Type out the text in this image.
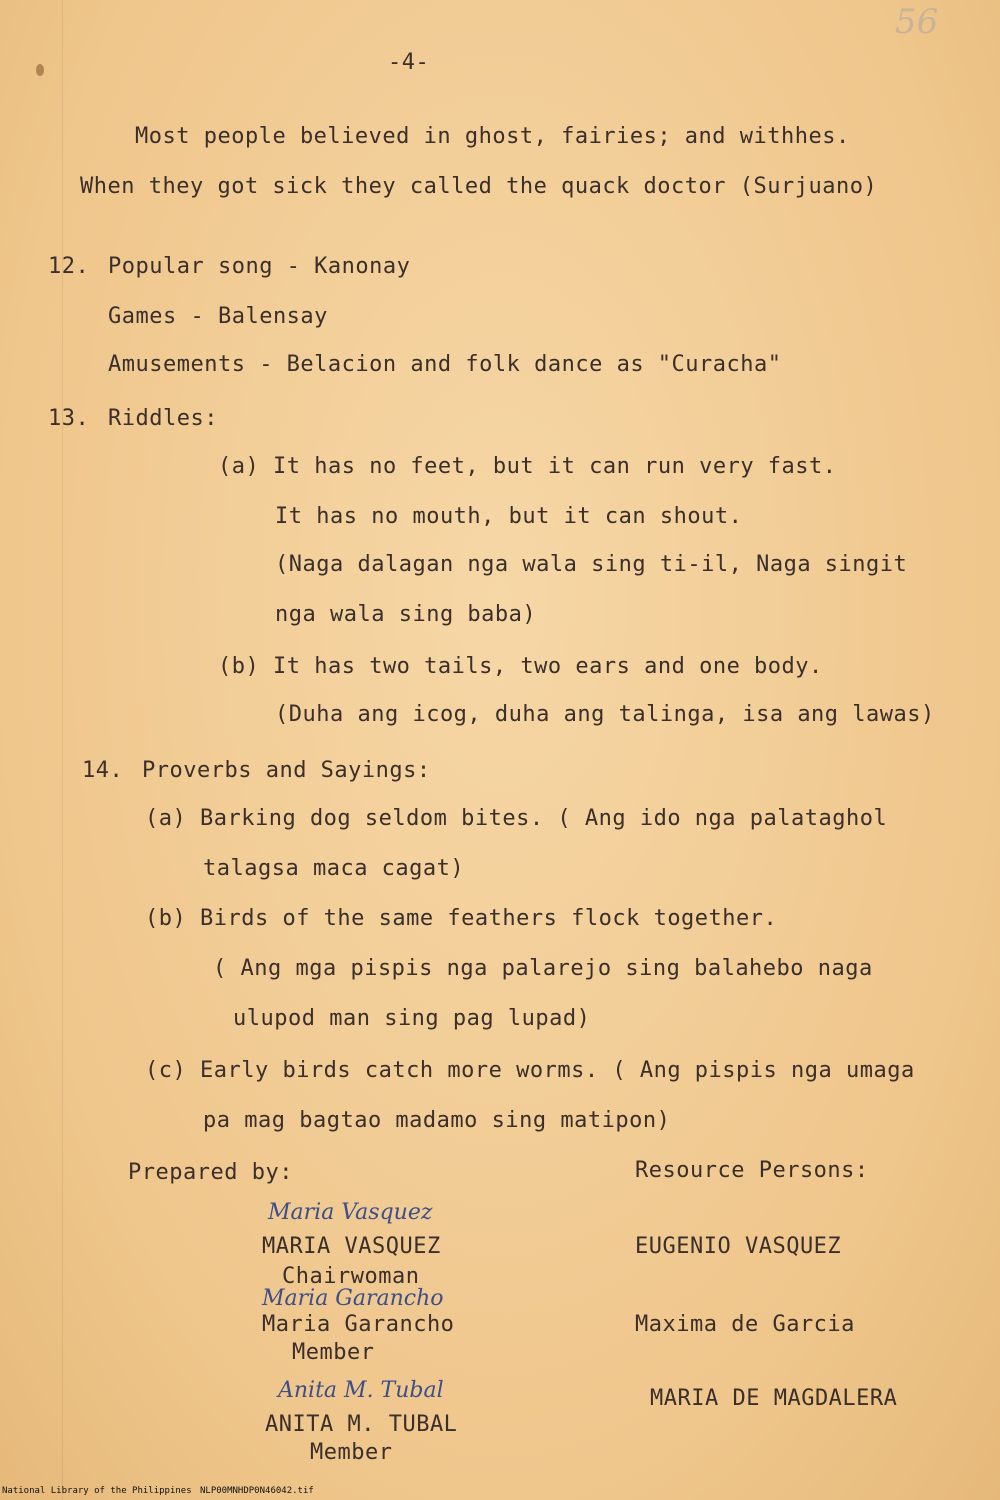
56
-4-
Most people believed in ghost, fairies; and withhes.
When they got sick they called the quack doctor (Surjuano)
12. Popular song - Kanonay
Games - Balensay
Amusements - Belacion and folk dance as "Curacha"
13. Riddles:
(a) It has no feet, but it can run very fast.
It has no mouth, but it can shout.
(Naga dalagan nga wala sing ti-il, Naga singit
nga wala sing baba)
(b) It has two tails, two ears and one body.
(Duha ang icog, duha ang talinga, isa ang lawas)
14. Proverbs and Sayings:
(a) Barking dog seldom bites. ( Ang ido nga palataghol
talagsa maca cagat)
(b) Birds of the same feathers flock together.
( Ang mga pispis nga palarejo sing balahebo naga
ulupod man sing pag lupad)
(c) Early birds catch more worms. ( Ang pispis nga umaga
pa mag bagtao madamo sing matipon)
Prepared by:	Resource Persons:
Maria Vasquez
MARIA VASQUEZ
Chairwoman
EUGENIO VASQUEZ
Maria Garancho
Maria Garancho
Member
Maxima de Garcia
Anita M. Tubal
ANITA M. TUBAL
Member
MARIA DE MAGDALERA
National Library of the Philippines NLP00MNHDP0N46042.tif
